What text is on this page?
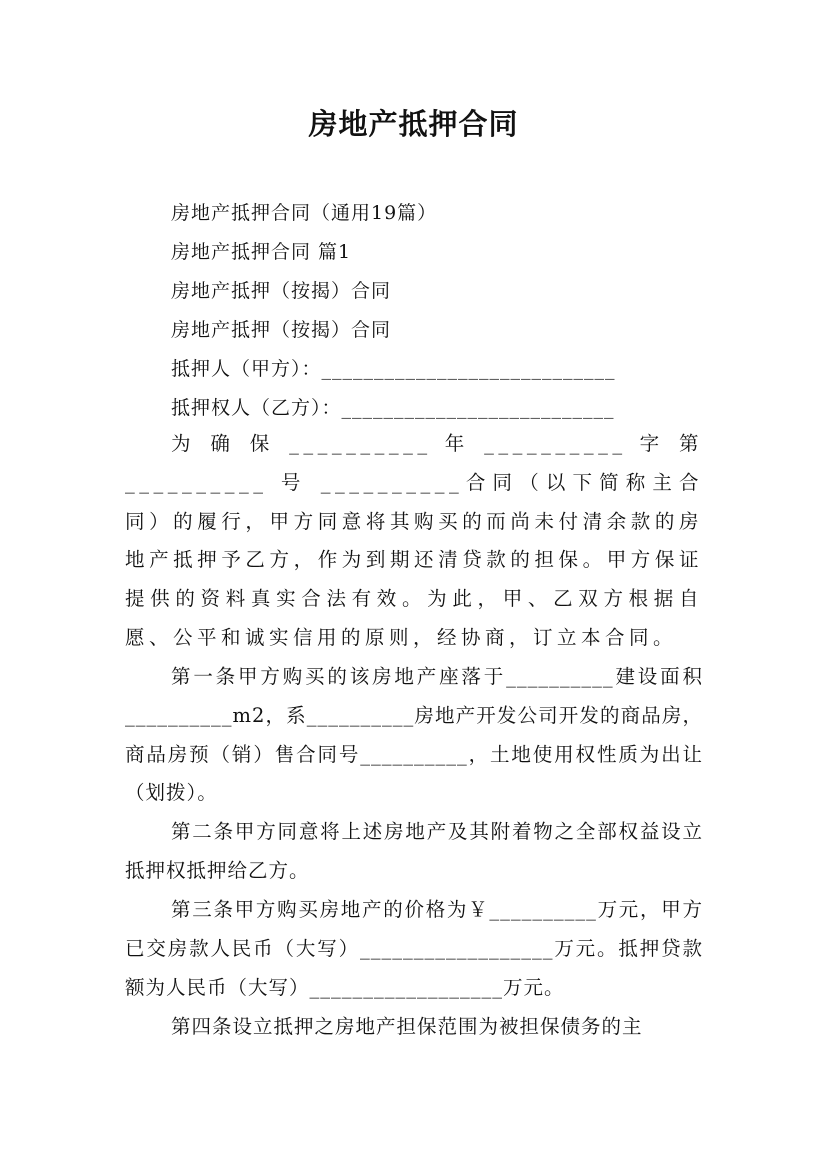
房地产抵押合同
房地产抵押合同（通用19篇）
房地产抵押合同 篇1
房地产抵押（按揭）合同
房地产抵押（按揭）合同
抵押人（甲方）：____________________________
抵押权人（乙方）：__________________________
为 确 保 __________ 年 __________ 字 第 __________ 号 __________合同（以下简称主合同）的履行，甲方同意将其购买的而尚未付清余款的房地产抵押予乙方，作为到期还清贷款的担保。甲方保证提供的资料真实合法有效。为此，甲、乙双方根据自愿、公平和诚实信用的原则，经协商，订立本合同。
第一条甲方购买的该房地产座落于__________建设面积__________m2，系__________房地产开发公司开发的商品房，商品房预（销）售合同号__________，土地使用权性质为出让（划拨）。
第二条甲方同意将上述房地产及其附着物之全部权益设立抵押权抵押给乙方。
第三条甲方购买房地产的价格为￥__________万元，甲方已交房款人民币（大写）__________________万元。抵押贷款额为人民币（大写）__________________万元。
第四条设立抵押之房地产担保范围为被担保债务的主
